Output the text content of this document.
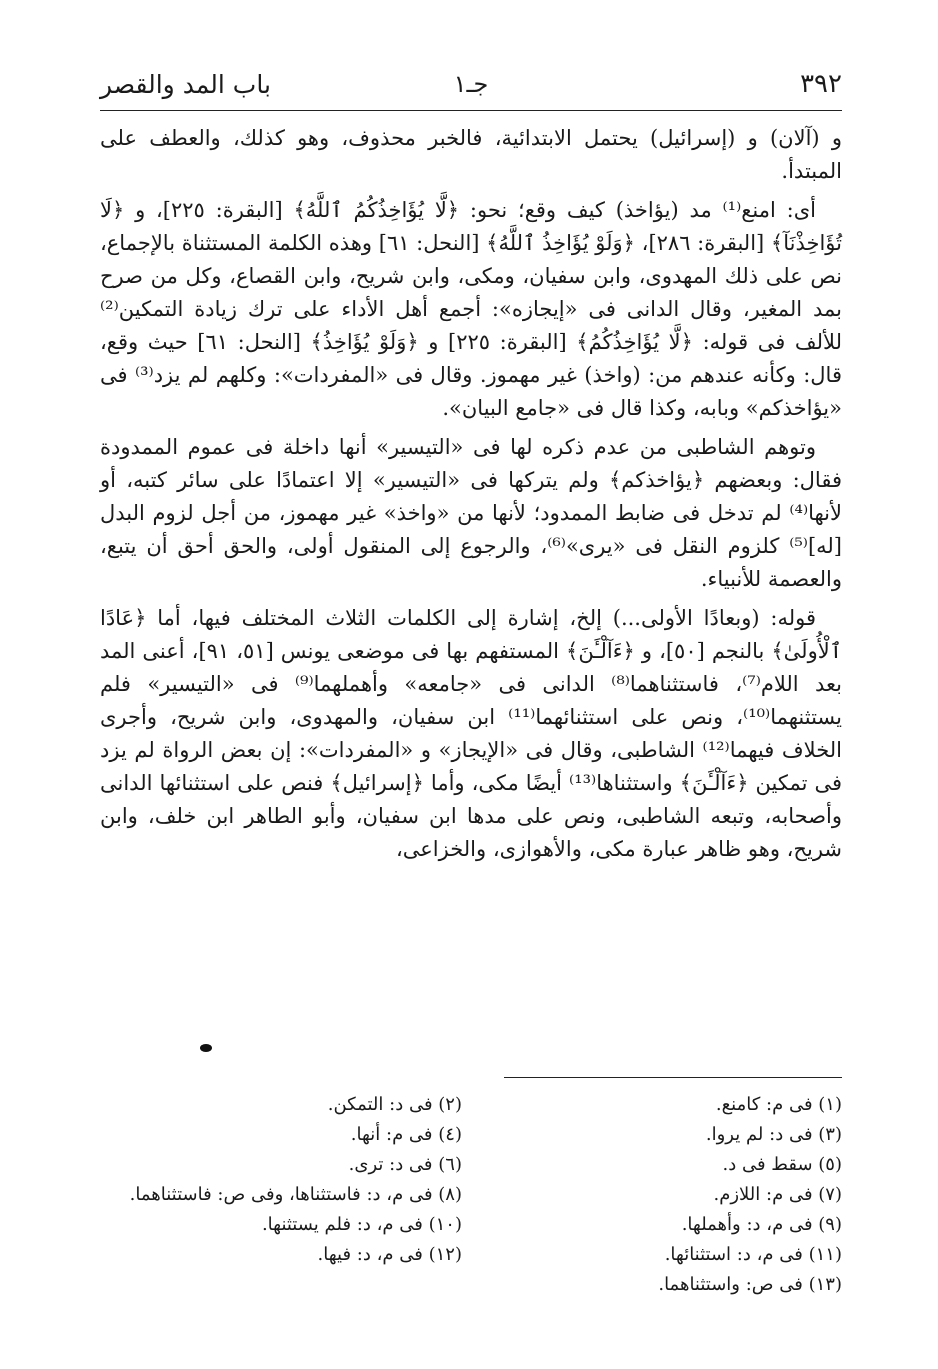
٣٩٢
جـ١
باب المد والقصر

و (آلان) و (إسرائيل) يحتمل الابتدائية، فالخبر محذوف، وهو كذلك، والعطف على المبتدأ.

أى: امنع⁽¹⁾ مد (يؤاخذ) كيف وقع؛ نحو: ﴿لَّا يُؤَاخِذُكُمُ ٱللَّهُ﴾ [البقرة: ٢٢٥]، و ﴿لَا تُؤَاخِذْنَآ﴾ [البقرة: ٢٨٦]، ﴿وَلَوْ يُؤَاخِذُ ٱللَّهُ﴾ [النحل: ٦١] وهذه الكلمة المستثناة بالإجماع، نص على ذلك المهدوى، وابن سفيان، ومكى، وابن شريح، وابن القصاع، وكل من صرح بمد المغير، وقال الدانى فى «إيجازه»: أجمع أهل الأداء على ترك زيادة التمكين⁽²⁾ للألف فى قوله: ﴿لَّا يُؤَاخِذُكُمُ﴾ [البقرة: ٢٢٥] و ﴿وَلَوْ يُؤَاخِذُ﴾ [النحل: ٦١] حيث وقع، قال: وكأنه عندهم من: (واخذ) غير مهموز. وقال فى «المفردات»: وكلهم لم يزد⁽³⁾ فى «يؤاخذكم» وبابه، وكذا قال فى «جامع البيان».

وتوهم الشاطبى من عدم ذكره لها فى «التيسير» أنها داخلة فى عموم الممدودة فقال: وبعضهم ﴿يؤاخذكم﴾ ولم يتركها فى «التيسير» إلا اعتمادًا على سائر كتبه، أو لأنها⁽⁴⁾ لم تدخل فى ضابط الممدود؛ لأنها من «واخذ» غير مهموز، من أجل لزوم البدل [له]⁽⁵⁾ كلزوم النقل فى «يرى»⁽⁶⁾، والرجوع إلى المنقول أولى، والحق أحق أن يتبع، والعصمة للأنبياء.

قوله: (وبعادًا الأولى...) إلخ، إشارة إلى الكلمات الثلاث المختلف فيها، أما ﴿عَادًا ٱلْأُولَىٰ﴾ بالنجم [٥٠]، و ﴿ءَآلْـَٔنَ﴾ المستفهم بها فى موضعى يونس [٥١، ٩١]، أعنى المد بعد اللام⁽⁷⁾، فاستثناهما⁽⁸⁾ الدانى فى «جامعه» وأهملهما⁽⁹⁾ فى «التيسير» فلم يستثنهما⁽¹⁰⁾، ونص على استثنائهما⁽¹¹⁾ ابن سفيان، والمهدوى، وابن شريح، وأجرى الخلاف فيهما⁽¹²⁾ الشاطبى، وقال فى «الإيجاز» و «المفردات»: إن بعض الرواة لم يزد فى تمكين ﴿ءَآلْـَٔنَ﴾ واستثناها⁽¹³⁾ أيضًا مكى، وأما ﴿إسرائيل﴾ فنص على استثنائها الدانى وأصحابه، وتبعه الشاطبى، ونص على مدها ابن سفيان، وأبو الطاهر ابن خلف، وابن شريح، وهو ظاهر عبارة مكى، والأهوازى، والخزاعى،

(١) فى م: كامنع.
(٣) فى د: لم يروا.
(٥) سقط فى د.
(٧) فى م: اللازم.
(٩) فى م، د: وأهملها.
(١١) فى م، د: استثنائها.
(١٣) فى ص: واستثناهما.
(٢) فى د: التمكن.
(٤) فى م: أنها.
(٦) فى د: ترى.
(٨) فى م، د: فاستثناها، وفى ص: فاستثناهما.
(١٠) فى م، د: فلم يستثنها.
(١٢) فى م، د: فيها.
